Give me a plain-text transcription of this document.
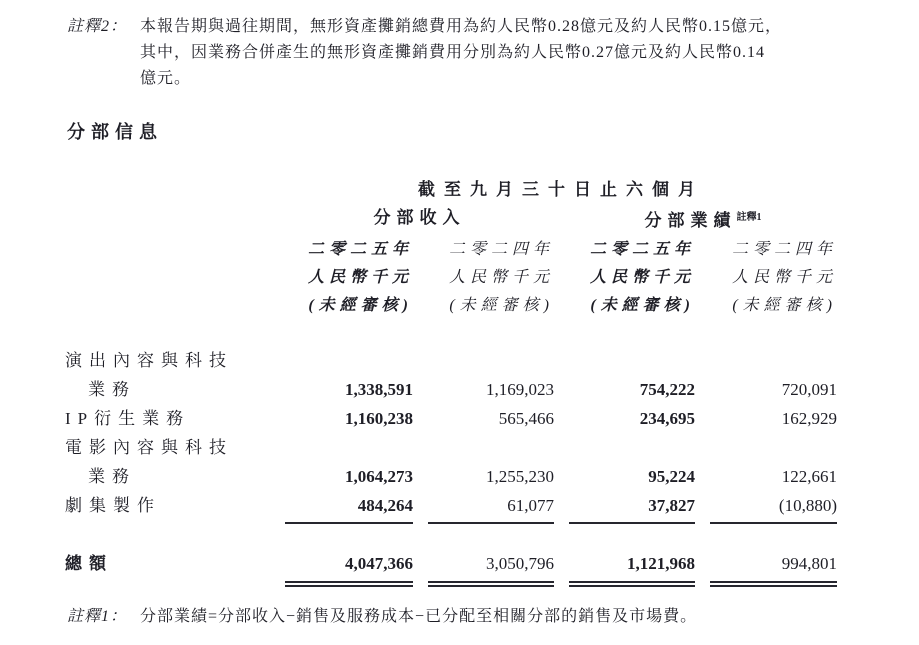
註釋2： 本報告期與過往期間，無形資產攤銷總費用為約人民幣0.28億元及約人民幣0.15億元，
其中，因業務合併產生的無形資產攤銷費用分別為約人民幣0.27億元及約人民幣0.14
億元。
分部信息
截至九月三十日止六個月
分部收入	分部業績$^{註釋1}$
二零二五年	二零二四年	二零二五年	二零二四年
人民幣千元	人民幣千元	人民幣千元	人民幣千元
(未經審核)	(未經審核)	(未經審核)	(未經審核)
演出內容與科技
業務	1,338,591	1,169,023	754,222	720,091
IP衍生業務	1,160,238	565,466	234,695	162,929
電影內容與科技
業務	1,064,273	1,255,230	95,224	122,661
劇集製作	484,264	61,077	37,827	(10,880)
總額	4,047,366	3,050,796	1,121,968	994,801
註釋1： 分部業績=分部收入−銷售及服務成本−已分配至相關分部的銷售及市場費。
